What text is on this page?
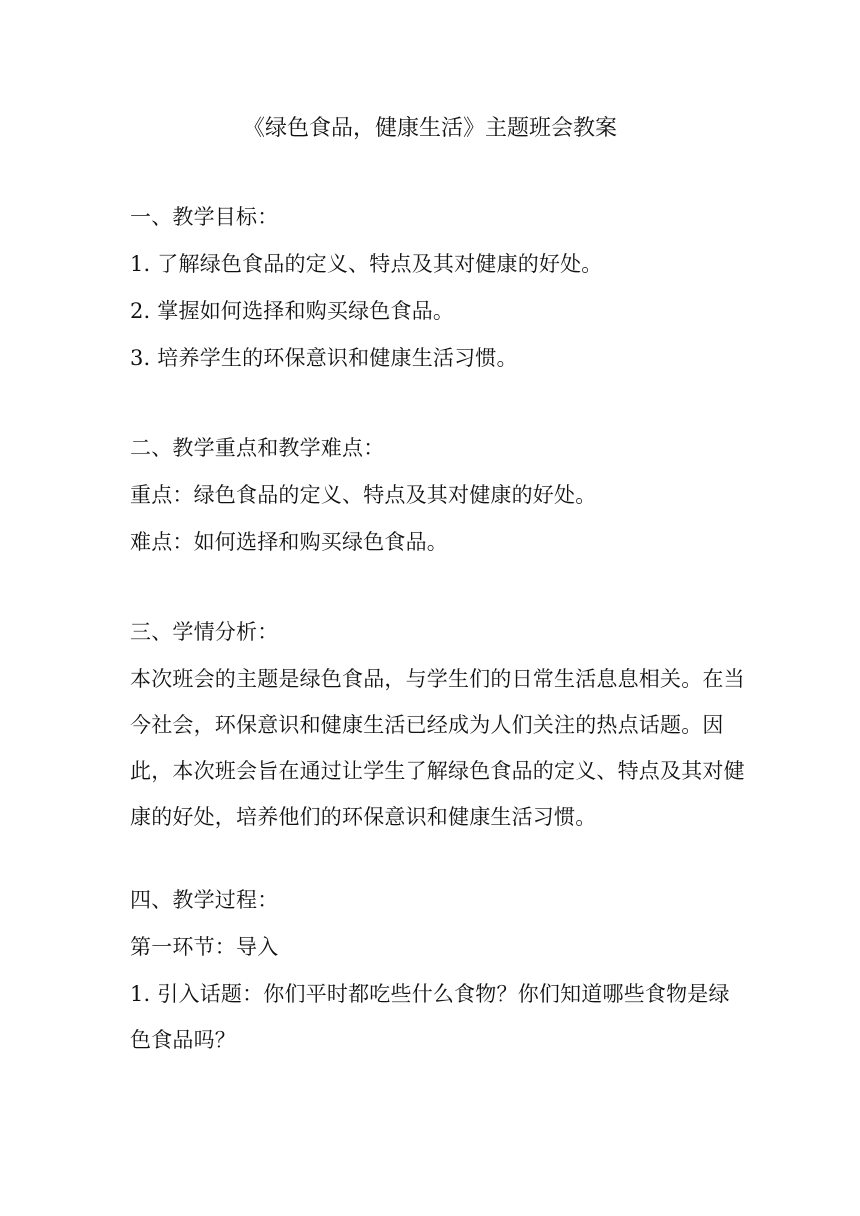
《绿色食品，健康生活》主题班会教案

一、教学目标：

1. 了解绿色食品的定义、特点及其对健康的好处。

2. 掌握如何选择和购买绿色食品。

3. 培养学生的环保意识和健康生活习惯。

二、教学重点和教学难点：

重点：绿色食品的定义、特点及其对健康的好处。

难点：如何选择和购买绿色食品。

三、学情分析：

本次班会的主题是绿色食品，与学生们的日常生活息息相关。在当今社会，环保意识和健康生活已经成为人们关注的热点话题。因此，本次班会旨在通过让学生了解绿色食品的定义、特点及其对健康的好处，培养他们的环保意识和健康生活习惯。

四、教学过程：

第一环节：导入

1. 引入话题：你们平时都吃些什么食物？你们知道哪些食物是绿色食品吗？
